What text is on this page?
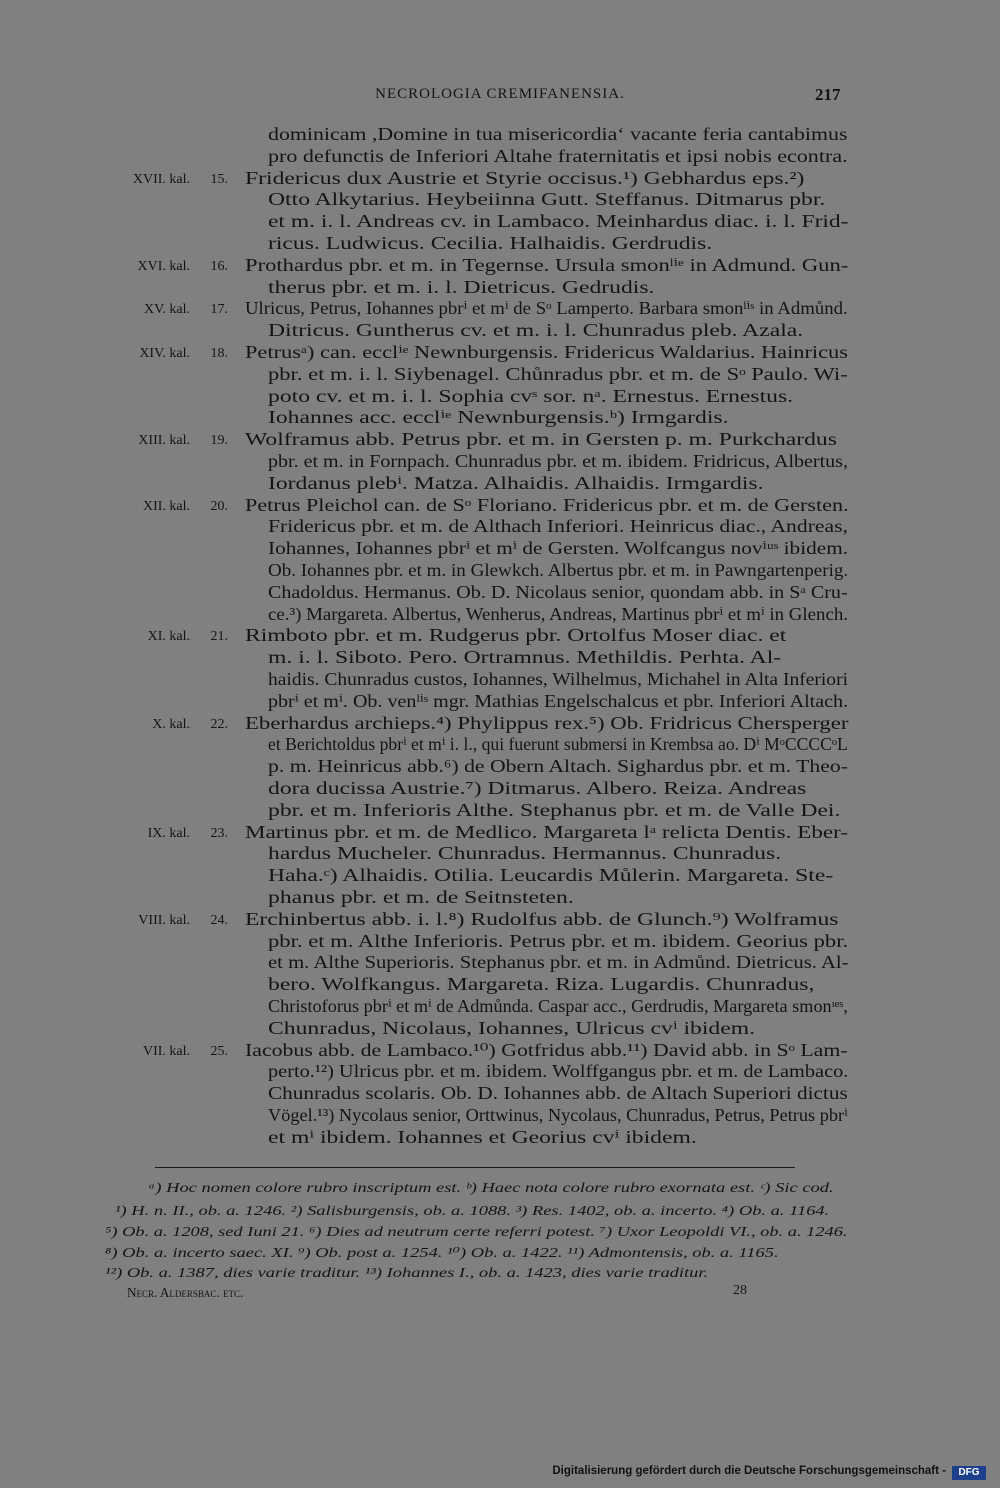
NECROLOGIA CREMIFANENSIA.	217
dominicam ,Domine in tua misericordia‘ vacante feria cantabimus
pro defunctis de Inferiori Altahe fraternitatis et ipsi nobis econtra.
XVII. kal. 15. Fridericus dux Austrie et Styrie occisus.¹) Gebhardus eps.²)
Otto Alkytarius. Heybeiinna Gutt. Steffanus. Ditmarus pbr.
et m. i. l. Andreas cv. in Lambaco. Meinhardus diac. i. l. Frid-
ricus. Ludwicus. Cecilia. Halhaidis. Gerdrudis.
XVI. kal. 16. Prothardus pbr. et m. in Tegernse. Ursula smonˡⁱᵉ in Admund. Gun-
therus pbr. et m. i. l. Dietricus. Gedrudis.
XV. kal. 17. Ulricus, Petrus, Iohannes pbrⁱ et mⁱ de Sᵒ Lamperto. Barbara smonˡⁱˢ in Admůnd.
Ditricus. Guntherus cv. et m. i. l. Chunradus pleb. Azala.
XIV. kal. 18. Petrusᵃ) can. ecclⁱᵉ Newnburgensis. Fridericus Waldarius. Hainricus
pbr. et m. i. l. Siybenagel. Chůnradus pbr. et m. de Sᵒ Paulo. Wi-
poto cv. et m. i. l. Sophia cvˢ sor. nᵃ. Ernestus. Ernestus.
Iohannes acc. ecclⁱᵉ Newnburgensis.ᵇ) Irmgardis.
XIII. kal. 19. Wolframus abb. Petrus pbr. et m. in Gersten p. m. Purkchardus
pbr. et m. in Fornpach. Chunradus pbr. et m. ibidem. Fridricus, Albertus,
Iordanus plebⁱ. Matza. Alhaidis. Alhaidis. Irmgardis.
XII. kal. 20. Petrus Pleichol can. de Sᵒ Floriano. Fridericus pbr. et m. de Gersten.
Fridericus pbr. et m. de Althach Inferiori. Heinricus diac., Andreas,
Iohannes, Iohannes pbrⁱ et mⁱ de Gersten. Wolfcangus novⁱᵘˢ ibidem.
Ob. Iohannes pbr. et m. in Glewkch. Albertus pbr. et m. in Pawngartenperig.
Chadoldus. Hermanus. Ob. D. Nicolaus senior, quondam abb. in Sᵃ Cru-
ce.³) Margareta. Albertus, Wenherus, Andreas, Martinus pbrⁱ et mⁱ in Glench.
XI. kal. 21. Rimboto pbr. et m. Rudgerus pbr. Ortolfus Moser diac. et
m. i. l. Siboto. Pero. Ortramnus. Methildis. Perhta. Al-
haidis. Chunradus custos, Iohannes, Wilhelmus, Michahel in Alta Inferiori
pbrⁱ et mⁱ. Ob. venˡⁱˢ mgr. Mathias Engelschalcus et pbr. Inferiori Altach.
X. kal. 22. Eberhardus archieps.⁴) Phylippus rex.⁵) Ob. Fridricus Chersperger
et Berichtoldus pbrⁱ et mⁱ i. l., qui fuerunt submersi in Krembsa ao. Dⁱ MᵒCCCCᵒL
p. m. Heinricus abb.⁶) de Obern Altach. Sighardus pbr. et m. Theo-
dora ducissa Austrie.⁷) Ditmarus. Albero. Reiza. Andreas
pbr. et m. Inferioris Althe. Stephanus pbr. et m. de Valle Dei.
IX. kal. 23. Martinus pbr. et m. de Medlico. Margareta lᵃ relicta Dentis. Eber-
hardus Mucheler. Chunradus. Hermannus. Chunradus.
Haha.ᶜ) Alhaidis. Otilia. Leucardis Můlerin. Margareta. Ste-
phanus pbr. et m. de Seitnsteten.
VIII. kal. 24. Erchinbertus abb. i. l.⁸) Rudolfus abb. de Glunch.⁹) Wolframus
pbr. et m. Althe Inferioris. Petrus pbr. et m. ibidem. Georius pbr.
et m. Althe Superioris. Stephanus pbr. et m. in Admůnd. Dietricus. Al-
bero. Wolfkangus. Margareta. Riza. Lugardis. Chunradus,
Christoforus pbrⁱ et mⁱ de Admůnda. Caspar acc., Gerdrudis, Margareta smonᶦᵉˢ,
Chunradus, Nicolaus, Iohannes, Ulricus cvⁱ ibidem.
VII. kal. 25. Iacobus abb. de Lambaco.¹⁰) Gotfridus abb.¹¹) David abb. in Sᵒ Lam-
perto.¹²) Ulricus pbr. et m. ibidem. Wolffgangus pbr. et m. de Lambaco.
Chunradus scolaris. Ob. D. Iohannes abb. de Altach Superiori dictus
Vögel.¹³) Nycolaus senior, Orttwinus, Nycolaus, Chunradus, Petrus, Petrus pbrⁱ
et mⁱ ibidem. Iohannes et Georius cvⁱ ibidem.
ᵃ) Hoc nomen colore rubro inscriptum est. ᵇ) Haec nota colore rubro exornata est. ᶜ) Sic cod.
¹) H. n. II., ob. a. 1246. ²) Salisburgensis, ob. a. 1088. ³) Res. 1402, ob. a. incerto. ⁴) Ob. a. 1164.
⁵) Ob. a. 1208, sed Iuni 21. ⁶) Dies ad neutrum certe referri potest. ⁷) Uxor Leopoldi VI., ob. a. 1246.
⁸) Ob. a. incerto saec. XI. ⁹) Ob. post a. 1254. ¹⁰) Ob. a. 1422. ¹¹) Admontensis, ob. a. 1165.
¹²) Ob. a. 1387, dies varie traditur. ¹³) Iohannes I., ob. a. 1423, dies varie traditur.
Necr. Aldersbac. etc.	28
Digitalisierung gefördert durch die Deutsche Forschungsgemeinschaft -	DFG
